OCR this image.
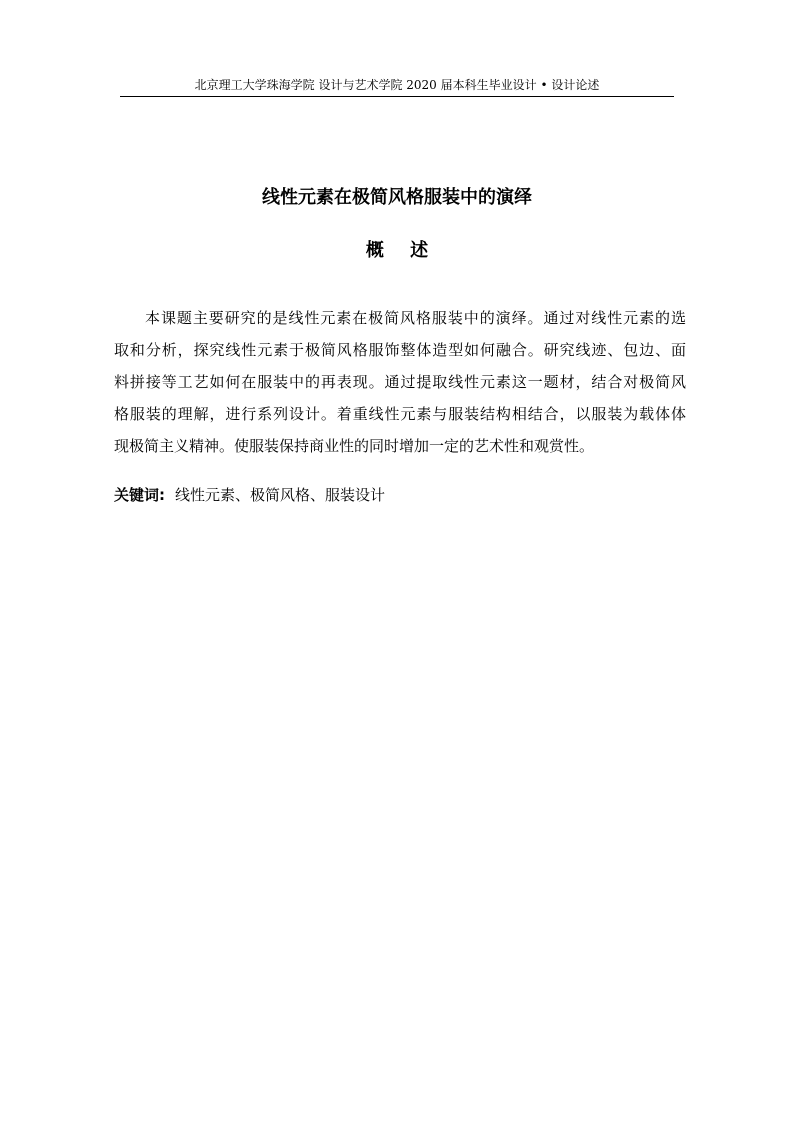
北京理工大学珠海学院 设计与艺术学院 2020 届本科生毕业设计 • 设计论述
线性元素在极简风格服装中的演绎
概 述
本课题主要研究的是线性元素在极简风格服装中的演绎。通过对线性元素的选
取和分析，探究线性元素于极简风格服饰整体造型如何融合。研究线迹、包边、面
料拼接等工艺如何在服装中的再表现。通过提取线性元素这一题材，结合对极简风
格服装的理解，进行系列设计。着重线性元素与服装结构相结合，以服装为载体体
现极简主义精神。使服装保持商业性的同时增加一定的艺术性和观赏性。
关键词: 线性元素、极简风格、服装设计
